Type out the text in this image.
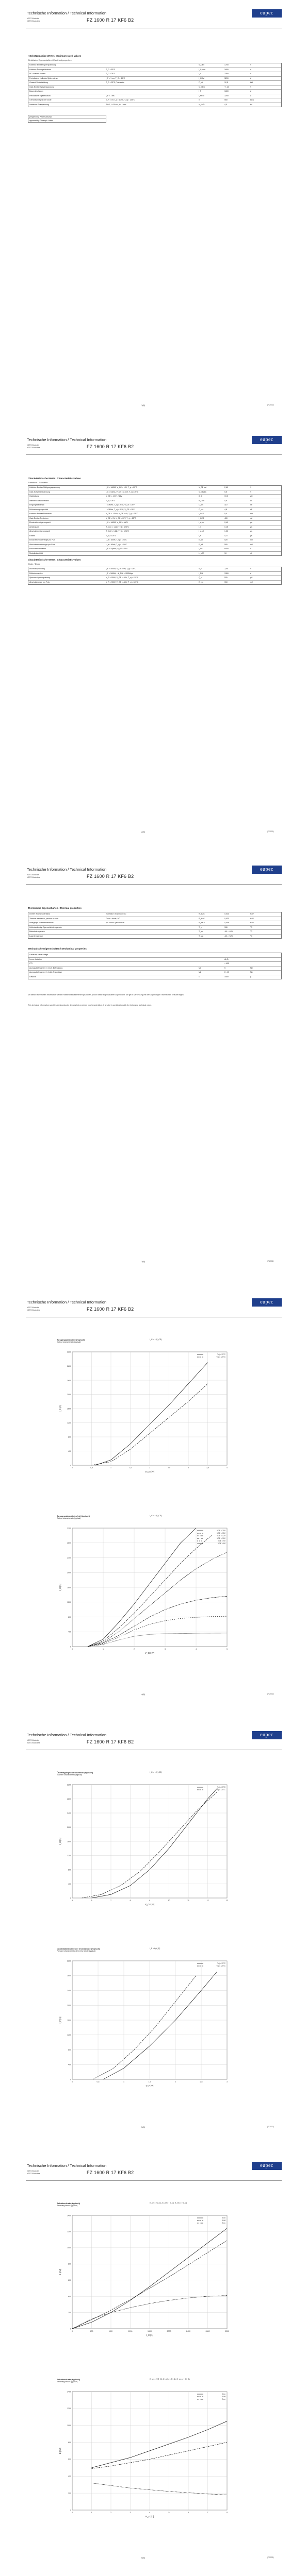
Technische Information / Technical Information
IGBT-Module
IGBT-Modules	FZ 1600 R 17 KF6 B2
eupec
Höchstzulässige Werte / Maximum rated values
Elektrische Eigenschaften / Electrical properties
Kollektor-Emitter-Sperrspannung	V_CES	1700	V
Kollektor-Dauergleichstrom	T_C = 80°C	I_C,nom	1600	A
DC-collector current	T_C = 25°C	I_C	2300	A
Periodischer Kollektor Spitzenstrom	t_P = 1 ms, T_C = 80°C	I_CRM	3200	A
Gesamt-Verlustleistung	T_C = 25°C, Transistor	P_tot	12,5	kW
Gate-Emitter-Spitzenspannung	V_GES	+/- 20	V
Dauergleichstrom	I_F	1600	A
Periodischer Spitzenstrom	t_P = 1 ms	I_FRM	3200	A
Grenzlastintegral der Diode	V_R = 0V, t_p = 10ms, T_vj = 125°C	I²t	560	kA²s
Isolations-Prüfspannung	RMS, f = 50 Hz, t = 1 min.	V_ISOL	4,0	kV
prepared by: Peter Kanschat
approved by: Christoph Lübke
1(8)	(7/2002)
Technische Information / Technical Information
IGBT-Module
IGBT-Modules	FZ 1600 R 17 KF6 B2
eupec
Charakteristische Werte / Characteristic values
Transistor / Transistor
Kollektor-Emitter Sättigungsspannung	I_C = 1600A, V_GE = 15V, T_vj = 25°C	V_CE sat	2,60	V
Gate-Schwellenspannung	I_C = 64mA, V_CE = V_GE, T_vj = 25°C	V_GE(th)	5,5	V
Gateladung	V_GE = -15V...+15V	Q_G	19,0	µC
Interner Gatewiderstand	T_vj = 25°C	R_Gint	0,6	Ω
Eingangskapazität	f = 1MHz, T_vj = 25°C, V_CE = 25V	C_ies	110	nF
Rückwirkungskapazität	f = 1MHz, T_vj = 25°C, V_CE = 25V	C_res	4,8	nF
Kollektor-Emitter Reststrom	V_CE = 1700V, V_GE = 0V, T_vj = 25°C	I_CES	5,0	mA
Gate-Emitter Reststrom	V_CE = 0V, V_GE = 20V, T_vj = 25°C	I_GES	400	nA
Einschaltverzögerungszeit	I_C = 1600A, V_CE = 900V	t_d,on	0,40	µs
Anstiegszeit	R_Gon = 1,2Ω, T_vj = 125°C	t_r	0,15	µs
Abschaltverzögerungszeit	R_Goff = 1,2Ω, T_vj = 125°C	t_d,off	1,20	µs
Fallzeit	T_vj = 125°C	t_f	0,17	µs
Einschaltverlustenergie pro Puls	L_σ = 60nH, T_vj = 125°C	E_on	520	mJ
Abschaltverlustenergie pro Puls	L_σ = 60nH, T_vj = 125°C	E_off	500	mJ
Kurzschlußverhalten	t_P ≤ 10µsec, V_GE ≤ 15V	I_SC	6400	A
Modulinduktivität	L_sCE	10	nH
Charakteristische Werte / Characteristic values
Diode / Diode
Durchlaßspannung	I_F = 1600A, V_GE = 0V, T_vj = 25°C	V_F	2,00	V
Rückstromspitze	I_F = 1600A, - di_F/dt = 9000A/µs	I_RM	1300	A
Sperrverzögerungsladung	V_R = 900V, V_GE = -10V, T_vj = 125°C	Q_r	520	µC
Abschaltenergie pro Puls	V_R = 900V, V_GE = -10V, T_vj = 125°C	E_rec	310	mJ
2(8)	(7/2002)
Technische Information / Technical Information
IGBT-Module
IGBT-Modules	FZ 1600 R 17 KF6 B2
eupec
Thermische Eigenschaften / Thermal properties
Innerer Wärmewiderstand	Transistor / transistor, DC	R_thJC	0,010	K/W
Thermal resistance, junction to case	Diode / diode, DC	R_thJC	0,020	K/W
Übergangs-Wärmewiderstand	pro Modul / per module	R_thCK	0,006	K/W
Höchstzulässige Sperrschichttemperatur	T_vj	150	°C
Betriebstemperatur	T_op	-40...+125	°C
Lagertemperatur	T_stg	-40...+125	°C
Mechanische Eigenschaften / Mechanical properties
Gehäuse, siehe Anlage
Innere Isolation	Al₂O₃
CTI	> 400
Anzugsdrehmoment f. mech. Befestigung	M1	5	Nm
Anzugsdrehmoment f. elektr. Anschlüsse	M2	8 - 10	Nm
Gewicht	G	1500	g
Mit dieser technischen Information werden Halbleiterbauelemente spezifiziert, jedoch keine Eigenschaften zugesichert. Sie gilt in Verbindung mit den zugehörigen Technischen Erläuterungen.
This technical information specifies semiconductor devices but promises no characteristics. It is valid in combination with the belonging technical notes.
3(8)	(7/2002)
Technische Information / Technical Information
IGBT-Module
IGBT-Modules	FZ 1600 R 17 KF6 B2
eupec
Ausgangskennlinie (typisch)
Output characteristic (typical)
I_C = f (V_CE)
0	0,5	1	1,5	2	2,5	3	3,5	4
0
400
800
1200
1600
2000
2400
2800
3200
V_CE [V]
I_C [A]
Tvj = 25°C
Tvj = 125°C
Ausgangskennlinienfeld (typisch)
Output characteristic (typical)
I_C = f (V_CE)
0	1	2	3	4	5
0
400
800
1200
1600
2000
2400
2800
3200
V_CE [V]
I_C [A]
VGE = 20V
VGE = 15V
VGE = 12V
VGE = 10V
VGE = 9V
VGE = 8V
4(8)	(7/2002)
Technische Information / Technical Information
IGBT-Module
IGBT-Modules	FZ 1600 R 17 KF6 B2
eupec
Übertragungscharakteristik (typisch)
Transfer characteristic (typical)
I_C = f (V_GE)
5	6	7	8	9	10	11	12	13
0
400
800
1200
1600
2000
2400
2800
3200
V_GE [V]
I_C [A]
Tvj = 25°C
Tvj = 125°C
Durchlaßkennlinie der Inversdiode (typisch)
Forward characteristic of inverse diode (typical)
I_F = f (V_F)
0	0,5	1	1,5	2	2,5	3
0
400
800
1200
1600
2000
2400
2800
3200
V_F [V]
I_F [A]
Tvj = 25°C
Tvj = 125°C
5(8)	(7/2002)
Technische Information / Technical Information
IGBT-Module
IGBT-Modules	FZ 1600 R 17 KF6 B2
eupec
Schaltverluste (typisch)
Switching losses (typical)
E_on = f (I_C), E_off = f (I_C), E_rec = f (I_C)
0	400	800	1200	1600	2000	2400	2800	3200
0
200
400
600
800
1000
1200
1400
I_C [A]
E [mJ]
Eon
Eoff
Erec
Schaltverluste (typisch)
Switching losses (typical)
E_on = f (R_G), E_off = f (R_G), E_rec = f (R_G)
0	1	2	3	4	5	6	7	8
0
200
400
600
800
1000
1200
1400
R_G [Ω]
E [mJ]
Eon
Eoff
Erec
6(8)	(7/2002)
